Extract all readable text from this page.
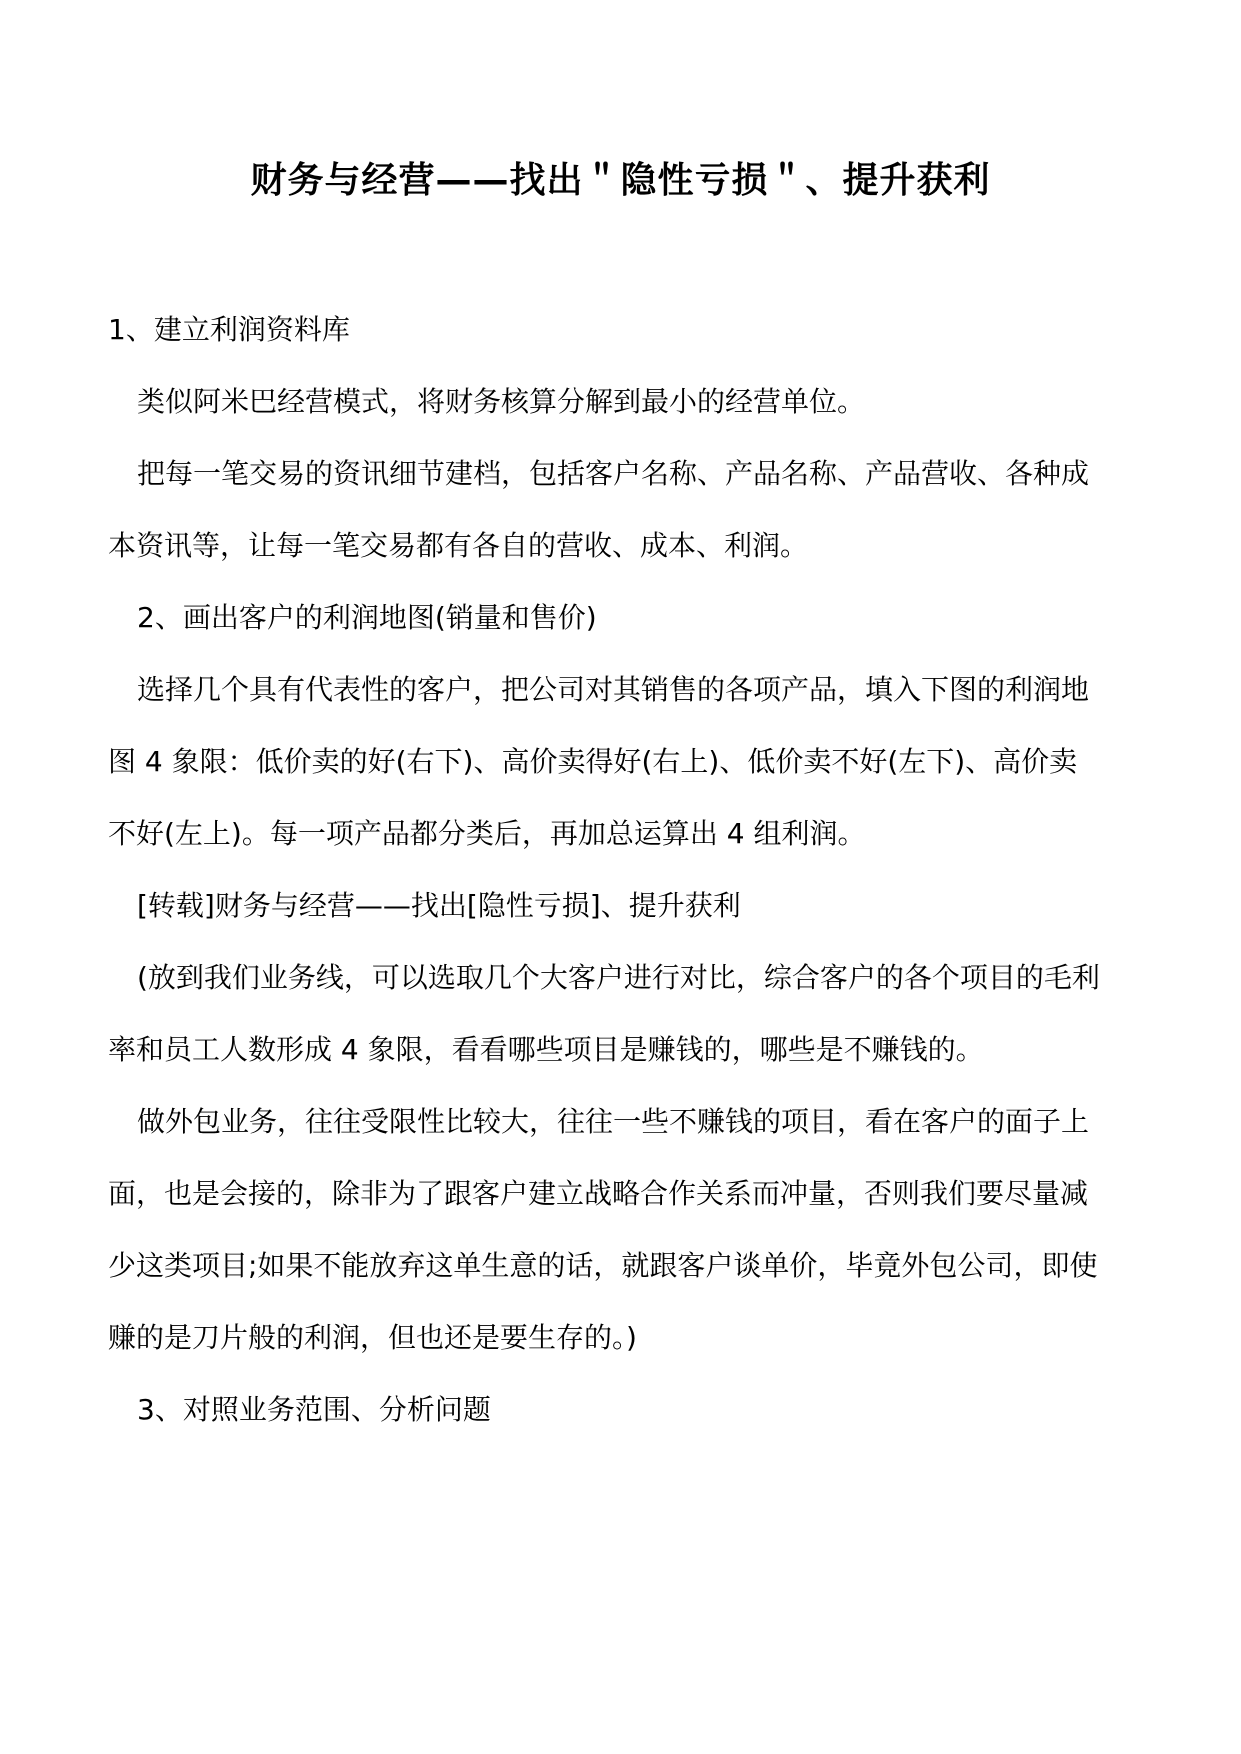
财务与经营——找出＂隐性亏损＂、提升获利
1、建立利润资料库
类似阿米巴经营模式，将财务核算分解到最小的经营单位。
把每一笔交易的资讯细节建档，包括客户名称、产品名称、产品营收、各种成
本资讯等，让每一笔交易都有各自的营收、成本、利润。
2、画出客户的利润地图(销量和售价)
选择几个具有代表性的客户，把公司对其销售的各项产品，填入下图的利润地
图 4 象限：低价卖的好(右下)、高价卖得好(右上)、低价卖不好(左下)、高价卖
不好(左上)。每一项产品都分类后，再加总运算出 4 组利润。
[转载]财务与经营——找出[隐性亏损]、提升获利
(放到我们业务线，可以选取几个大客户进行对比，综合客户的各个项目的毛利
率和员工人数形成 4 象限，看看哪些项目是赚钱的，哪些是不赚钱的。
做外包业务，往往受限性比较大，往往一些不赚钱的项目，看在客户的面子上
面，也是会接的，除非为了跟客户建立战略合作关系而冲量，否则我们要尽量减
少这类项目;如果不能放弃这单生意的话，就跟客户谈单价，毕竟外包公司，即使
赚的是刀片般的利润，但也还是要生存的。)
3、对照业务范围、分析问题
